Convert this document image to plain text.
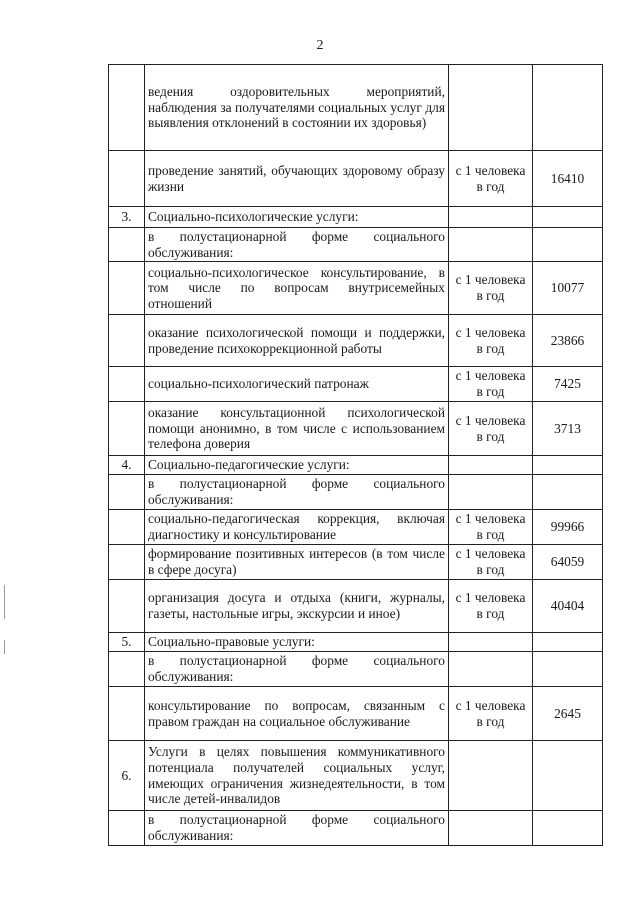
2
	ведения оздоровительных мероприятий, наблюдения за получателями социальных услуг для выявления отклонений в состоянии их здоровья)		
	проведение занятий, обучающих здоровому образу жизни	с 1 человека в год	16410
3.	Социально-психологические услуги:		
	в полустационарной форме социального обслуживания:		
	социально-психологическое консультирование, в том числе по вопросам внутрисемейных отношений	с 1 человека в год	10077
	оказание психологической помощи и поддержки, проведение психокоррекционной работы	с 1 человека в год	23866
	социально-психологический патронаж	с 1 человека в год	7425
	оказание консультационной психологической помощи анонимно, в том числе с использованием телефона доверия	с 1 человека в год	3713
4.	Социально-педагогические услуги:		
	в полустационарной форме социального обслуживания:		
	социально-педагогическая коррекция, включая диагностику и консультирование	с 1 человека в год	99966
	формирование позитивных интересов (в том числе в сфере досуга)	с 1 человека в год	64059
	организация досуга и отдыха (книги, журналы, газеты, настольные игры, экскурсии и иное)	с 1 человека в год	40404
5.	Социально-правовые услуги:		
	в полустационарной форме социального обслуживания:		
	консультирование по вопросам, связанным с правом граждан на социальное обслуживание	с 1 человека в год	2645
6.	Услуги в целях повышения коммуникативного потенциала получателей социальных услуг, имеющих ограничения жизнедеятельности, в том числе детей-инвалидов		
	в полустационарной форме социального обслуживания:		
